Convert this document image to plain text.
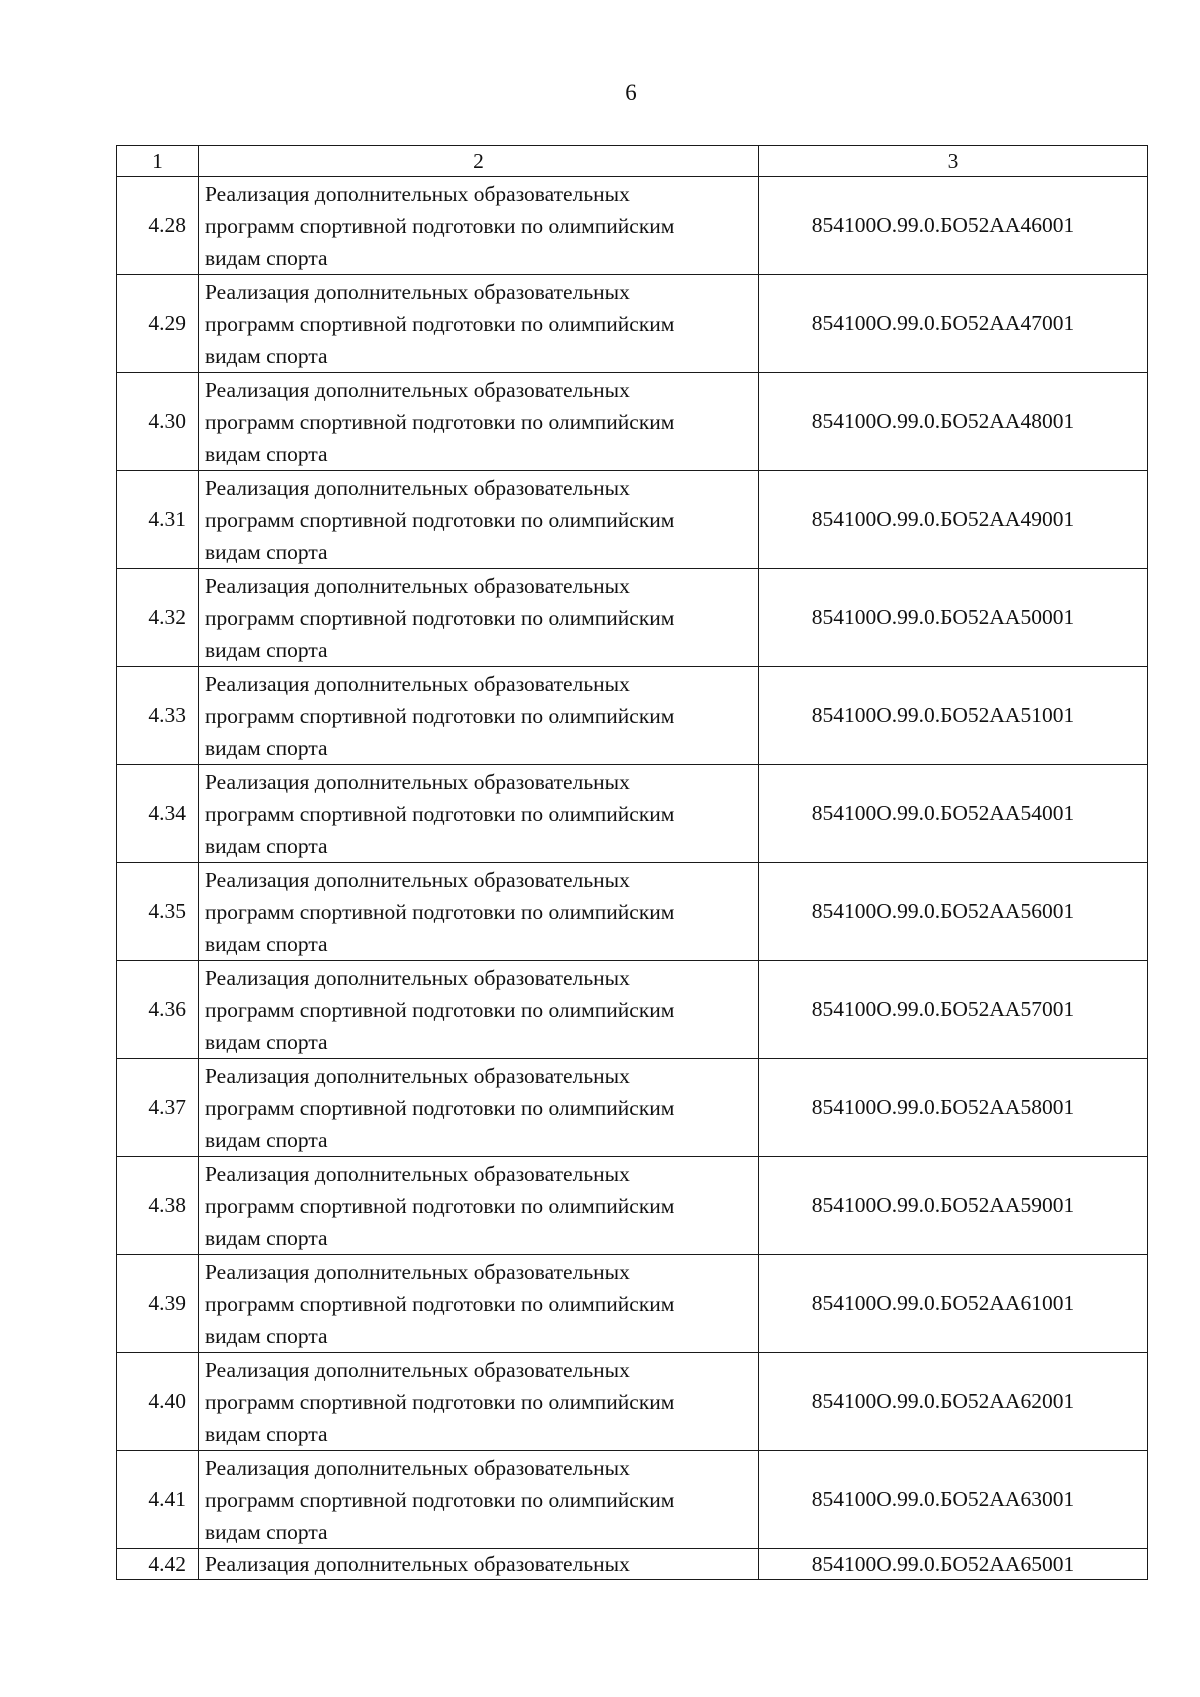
6
1	2	3
4.28	Реализация дополнительных образовательных
программ спортивной подготовки по олимпийским
видам спорта	854100О.99.0.БО52АА46001
4.29	Реализация дополнительных образовательных
программ спортивной подготовки по олимпийским
видам спорта	854100О.99.0.БО52АА47001
4.30	Реализация дополнительных образовательных
программ спортивной подготовки по олимпийским
видам спорта	854100О.99.0.БО52АА48001
4.31	Реализация дополнительных образовательных
программ спортивной подготовки по олимпийским
видам спорта	854100О.99.0.БО52АА49001
4.32	Реализация дополнительных образовательных
программ спортивной подготовки по олимпийским
видам спорта	854100О.99.0.БО52АА50001
4.33	Реализация дополнительных образовательных
программ спортивной подготовки по олимпийским
видам спорта	854100О.99.0.БО52АА51001
4.34	Реализация дополнительных образовательных
программ спортивной подготовки по олимпийским
видам спорта	854100О.99.0.БО52АА54001
4.35	Реализация дополнительных образовательных
программ спортивной подготовки по олимпийским
видам спорта	854100О.99.0.БО52АА56001
4.36	Реализация дополнительных образовательных
программ спортивной подготовки по олимпийским
видам спорта	854100О.99.0.БО52АА57001
4.37	Реализация дополнительных образовательных
программ спортивной подготовки по олимпийским
видам спорта	854100О.99.0.БО52АА58001
4.38	Реализация дополнительных образовательных
программ спортивной подготовки по олимпийским
видам спорта	854100О.99.0.БО52АА59001
4.39	Реализация дополнительных образовательных
программ спортивной подготовки по олимпийским
видам спорта	854100О.99.0.БО52АА61001
4.40	Реализация дополнительных образовательных
программ спортивной подготовки по олимпийским
видам спорта	854100О.99.0.БО52АА62001
4.41	Реализация дополнительных образовательных
программ спортивной подготовки по олимпийским
видам спорта	854100О.99.0.БО52АА63001
4.42	Реализация дополнительных образовательных	854100О.99.0.БО52АА65001
